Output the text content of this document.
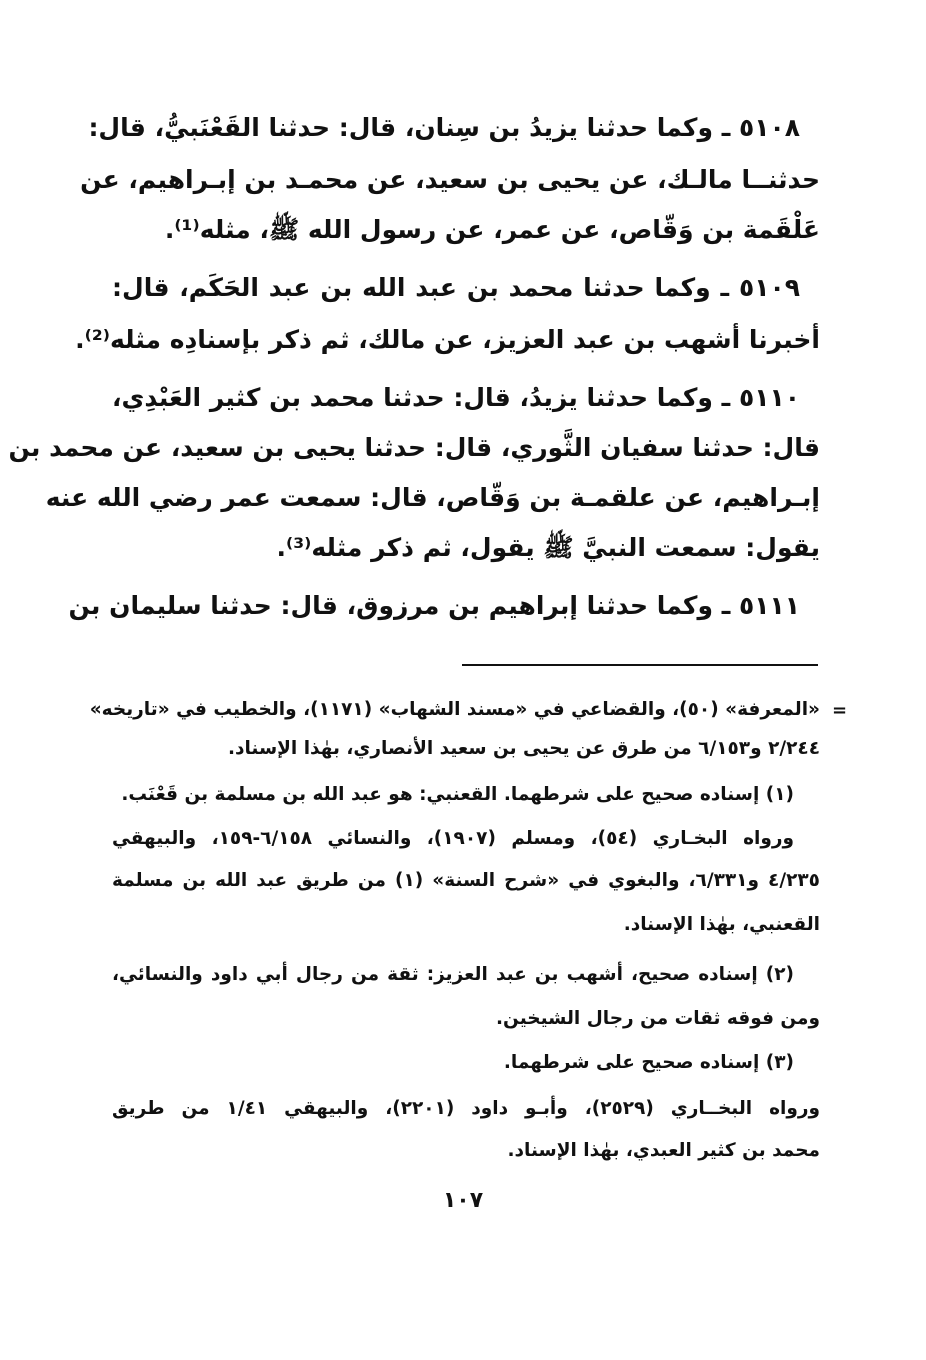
٥١٠٨ ـ وكما حدثنا يزيدُ بن سِنان، قال: حدثنا القَعْنَبيُّ، قال:
حدثنــا مالـك، عن يحيى بن سعيد، عن محمـد بن إبـراهيم، عن
عَلْقَمة بن وَقّاص، عن عمر، عن رسول الله ﷺ، مثله⁽¹⁾.
٥١٠٩ ـ وكما حدثنا محمد بن عبد الله بن عبد الحَكَم، قال:
أخبرنا أشهب بن عبد العزيز، عن مالك، ثم ذكر بإسنادِه مثله⁽²⁾.
٥١١٠ ـ وكما حدثنا يزيدُ، قال: حدثنا محمد بن كثير العَبْدِي،
قال: حدثنا سفيان الثَّوري، قال: حدثنا يحيى بن سعيد، عن محمد بن
إبـراهيم، عن علقمـة بن وَقّاص، قال: سمعت عمر رضي الله عنه
يقول: سمعت النبيَّ ﷺ يقول، ثم ذكر مثله⁽³⁾.
٥١١١ ـ وكما حدثنا إبراهيم بن مرزوق، قال: حدثنا سليمان بن
=
«المعرفة» (٥٠)، والقضاعي في «مسند الشهاب» (١١٧١)، والخطيب في «تاريخه»
٢/٢٤٤ و٦/١٥٣ من طرق عن يحيى بن سعيد الأنصاري، بهٰذا الإسناد.
(١) إسناده صحيح على شرطهما. القعنبي: هو عبد الله بن مسلمة بن قَعْنَب.
ورواه البخـاري (٥٤)، ومسلم (١٩٠٧)، والنسائي ٦/١٥٨-١٥٩، والبيهقي
٤/٢٣٥ و٦/٣٣١، والبغوي في «شرح السنة» (١) من طريق عبد الله بن مسلمة
القعنبي، بهٰذا الإسناد.
(٢) إسناده صحيح، أشهب بن عبد العزيز: ثقة من رجال أبي داود والنسائي،
ومن فوقه ثقات من رجال الشيخين.
(٣) إسناده صحيح على شرطهما.
ورواه البخــاري (٢٥٢٩)، وأبـو داود (٢٢٠١)، والبيهقي ١/٤١ من طريق
محمد بن كثير العبدي، بهٰذا الإسناد.
١٠٧
